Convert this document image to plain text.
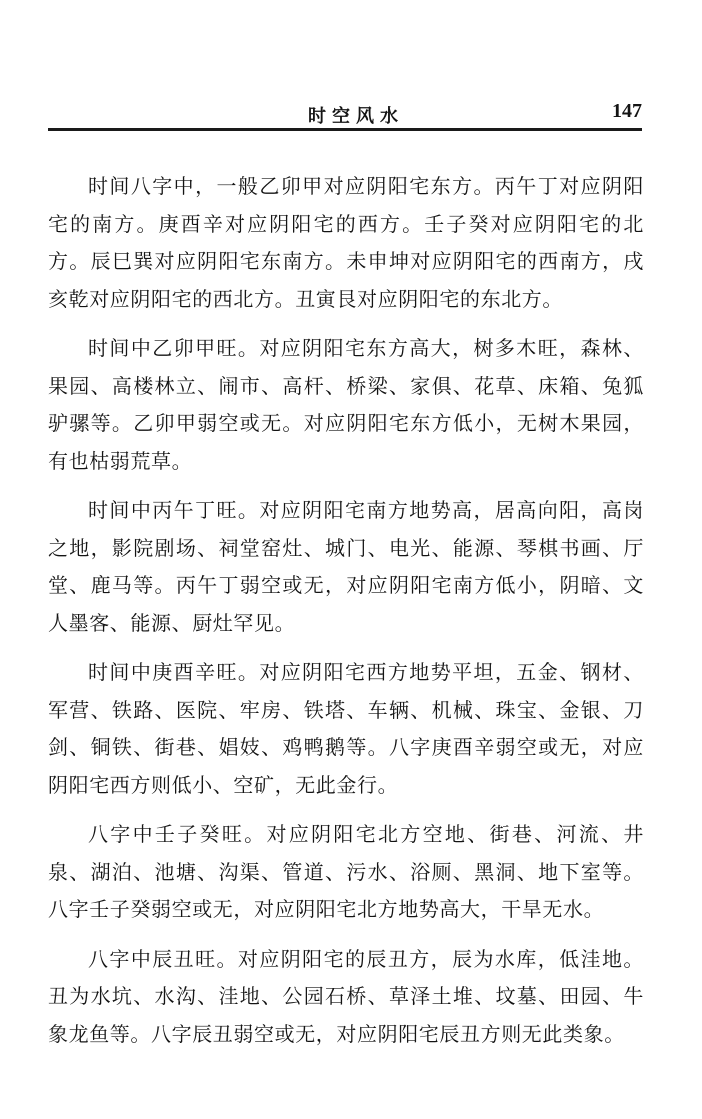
时空风水	147

时间八字中，一般乙卯甲对应阴阳宅东方。丙午丁对应阴阳宅的南方。庚酉辛对应阴阳宅的西方。壬子癸对应阴阳宅的北方。辰巳巽对应阴阳宅东南方。未申坤对应阴阳宅的西南方，戌亥乾对应阴阳宅的西北方。丑寅艮对应阴阳宅的东北方。

时间中乙卯甲旺。对应阴阳宅东方高大，树多木旺，森林、果园、高楼林立、闹市、高杆、桥梁、家俱、花草、床箱、兔狐驴骡等。乙卯甲弱空或无。对应阴阳宅东方低小，无树木果园，有也枯弱荒草。

时间中丙午丁旺。对应阴阳宅南方地势高，居高向阳，高岗之地，影院剧场、祠堂窑灶、城门、电光、能源、琴棋书画、厅堂、鹿马等。丙午丁弱空或无，对应阴阳宅南方低小，阴暗、文人墨客、能源、厨灶罕见。

时间中庚酉辛旺。对应阴阳宅西方地势平坦，五金、钢材、军营、铁路、医院、牢房、铁塔、车辆、机械、珠宝、金银、刀剑、铜铁、街巷、娼妓、鸡鸭鹅等。八字庚酉辛弱空或无，对应阴阳宅西方则低小、空矿，无此金行。

八字中壬子癸旺。对应阴阳宅北方空地、街巷、河流、井泉、湖泊、池塘、沟渠、管道、污水、浴厕、黑洞、地下室等。八字壬子癸弱空或无，对应阴阳宅北方地势高大，干旱无水。

八字中辰丑旺。对应阴阳宅的辰丑方，辰为水库，低洼地。丑为水坑、水沟、洼地、公园石桥、草泽土堆、坟墓、田园、牛象龙鱼等。八字辰丑弱空或无，对应阴阳宅辰丑方则无此类象。
